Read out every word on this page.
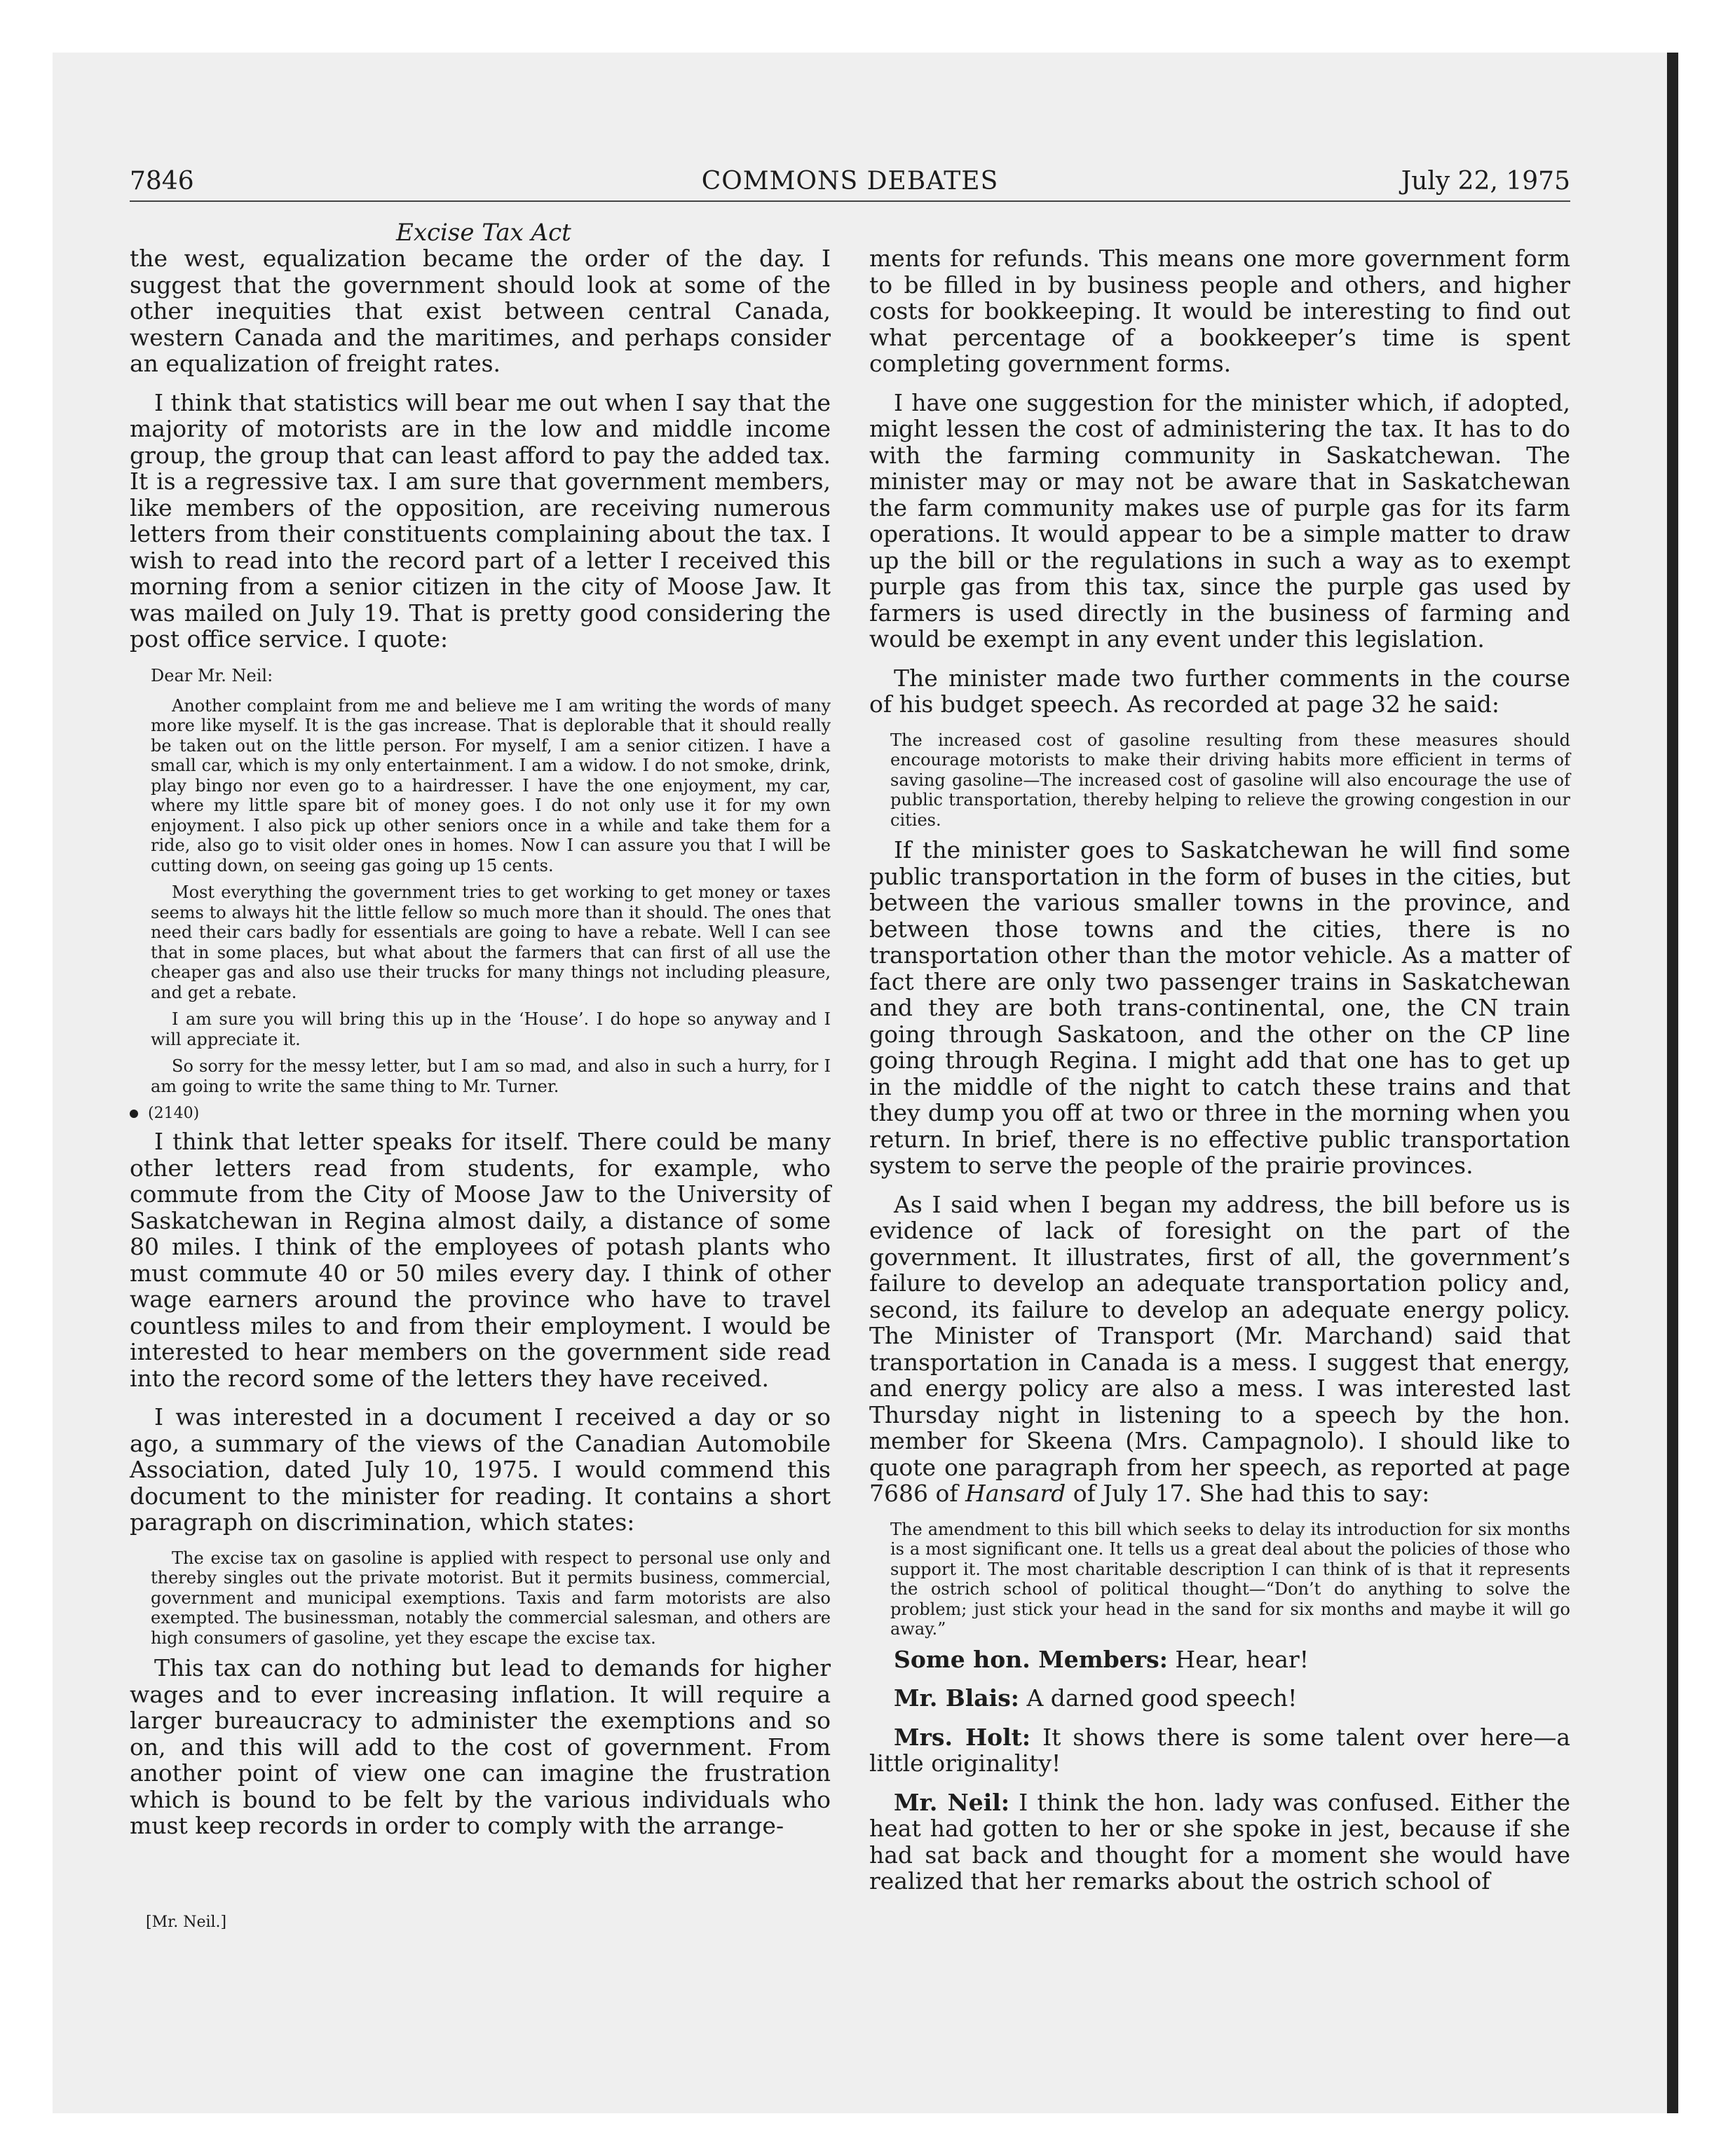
7846	COMMONS DEBATES	July 22, 1975
Excise Tax Act

the west, equalization became the order of the day. I suggest that the government should look at some of the other inequities that exist between central Canada, western Canada and the maritimes, and perhaps consider an equalization of freight rates.

I think that statistics will bear me out when I say that the majority of motorists are in the low and middle income group, the group that can least afford to pay the added tax. It is a regressive tax. I am sure that government members, like members of the opposition, are receiving numerous letters from their constituents complaining about the tax. I wish to read into the record part of a letter I received this morning from a senior citizen in the city of Moose Jaw. It was mailed on July 19. That is pretty good considering the post office service. I quote:

Dear Mr. Neil:

Another complaint from me and believe me I am writing the words of many more like myself. It is the gas increase. That is deplorable that it should really be taken out on the little person. For myself, I am a senior citizen. I have a small car, which is my only entertainment. I am a widow. I do not smoke, drink, play bingo nor even go to a hairdresser. I have the one enjoyment, my car, where my little spare bit of money goes. I do not only use it for my own enjoyment. I also pick up other seniors once in a while and take them for a ride, also go to visit older ones in homes. Now I can assure you that I will be cutting down, on seeing gas going up 15 cents.

Most everything the government tries to get working to get money or taxes seems to always hit the little fellow so much more than it should. The ones that need their cars badly for essentials are going to have a rebate. Well I can see that in some places, but what about the farmers that can first of all use the cheaper gas and also use their trucks for many things not including pleasure, and get a rebate.

I am sure you will bring this up in the ‘House’. I do hope so anyway and I will appreciate it.

So sorry for the messy letter, but I am so mad, and also in such a hurry, for I am going to write the same thing to Mr. Turner.

(2140)

I think that letter speaks for itself. There could be many other letters read from students, for example, who commute from the City of Moose Jaw to the University of Saskatchewan in Regina almost daily, a distance of some 80 miles. I think of the employees of potash plants who must commute 40 or 50 miles every day. I think of other wage earners around the province who have to travel countless miles to and from their employment. I would be interested to hear members on the government side read into the record some of the letters they have received.

I was interested in a document I received a day or so ago, a summary of the views of the Canadian Automobile Association, dated July 10, 1975. I would commend this document to the minister for reading. It contains a short paragraph on discrimination, which states:

The excise tax on gasoline is applied with respect to personal use only and thereby singles out the private motorist. But it permits business, commercial, government and municipal exemptions. Taxis and farm motorists are also exempted. The businessman, notably the commercial salesman, and others are high consumers of gasoline, yet they escape the excise tax.

This tax can do nothing but lead to demands for higher wages and to ever increasing inflation. It will require a larger bureaucracy to administer the exemptions and so on, and this will add to the cost of government. From another point of view one can imagine the frustration which is bound to be felt by the various individuals who must keep records in order to comply with the arrange-

ments for refunds. This means one more government form to be filled in by business people and others, and higher costs for bookkeeping. It would be interesting to find out what percentage of a bookkeeper’s time is spent completing government forms.

I have one suggestion for the minister which, if adopted, might lessen the cost of administering the tax. It has to do with the farming community in Saskatchewan. The minister may or may not be aware that in Saskatchewan the farm community makes use of purple gas for its farm operations. It would appear to be a simple matter to draw up the bill or the regulations in such a way as to exempt purple gas from this tax, since the purple gas used by farmers is used directly in the business of farming and would be exempt in any event under this legislation.

The minister made two further comments in the course of his budget speech. As recorded at page 32 he said:

The increased cost of gasoline resulting from these measures should encourage motorists to make their driving habits more efficient in terms of saving gasoline—The increased cost of gasoline will also encourage the use of public transportation, thereby helping to relieve the growing congestion in our cities.

If the minister goes to Saskatchewan he will find some public transportation in the form of buses in the cities, but between the various smaller towns in the province, and between those towns and the cities, there is no transportation other than the motor vehicle. As a matter of fact there are only two passenger trains in Saskatchewan and they are both trans-continental, one, the CN train going through Saskatoon, and the other on the CP line going through Regina. I might add that one has to get up in the middle of the night to catch these trains and that they dump you off at two or three in the morning when you return. In brief, there is no effective public transportation system to serve the people of the prairie provinces.

As I said when I began my address, the bill before us is evidence of lack of foresight on the part of the government. It illustrates, first of all, the government’s failure to develop an adequate transportation policy and, second, its failure to develop an adequate energy policy. The Minister of Transport (Mr. Marchand) said that transportation in Canada is a mess. I suggest that energy, and energy policy are also a mess. I was interested last Thursday night in listening to a speech by the hon. member for Skeena (Mrs. Campagnolo). I should like to quote one paragraph from her speech, as reported at page 7686 of Hansard of July 17. She had this to say:

The amendment to this bill which seeks to delay its introduction for six months is a most significant one. It tells us a great deal about the policies of those who support it. The most charitable description I can think of is that it represents the ostrich school of political thought—“Don’t do anything to solve the problem; just stick your head in the sand for six months and maybe it will go away.”

Some hon. Members: Hear, hear!

Mr. Blais: A darned good speech!

Mrs. Holt: It shows there is some talent over here—a little originality!

Mr. Neil: I think the hon. lady was confused. Either the heat had gotten to her or she spoke in jest, because if she had sat back and thought for a moment she would have realized that her remarks about the ostrich school of

[Mr. Neil.]
